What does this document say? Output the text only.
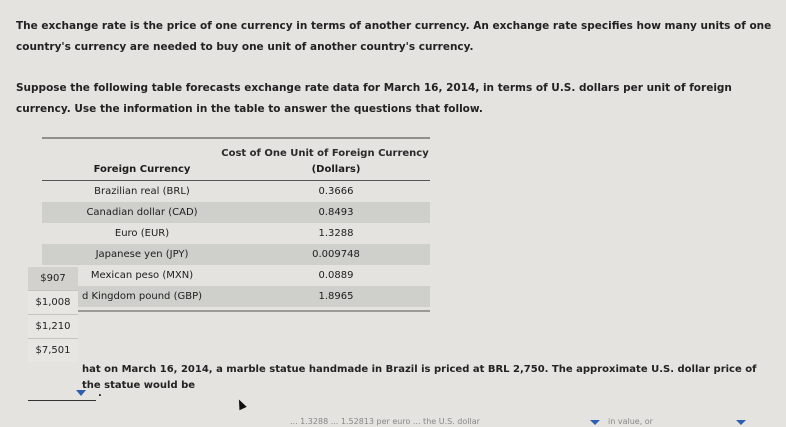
The exchange rate is the price of one currency in terms of another currency. An exchange rate specifies how many units of one country's currency are needed to buy one unit of another country's currency.

Suppose the following table forecasts exchange rate data for March 16, 2014, in terms of U.S. dollars per unit of foreign currency. Use the information in the table to answer the questions that follow.

Cost of One Unit of Foreign Currency
Foreign Currency	(Dollars)
Brazilian real (BRL)	0.3666
Canadian dollar (CAD)	0.8493
Euro (EUR)	1.3288
Japanese yen (JPY)	0.009748
Mexican peso (MXN)	0.0889
d Kingdom pound (GBP)	1.8965
$907
$1,008
$1,210
$7,501

hat on March 16, 2014, a marble statue handmade in Brazil is priced at BRL 2,750. The approximate U.S. dollar price of the statue would be

.
... 1.3288 ... 1.52813 per euro ... the U.S. dollar	in value, or
